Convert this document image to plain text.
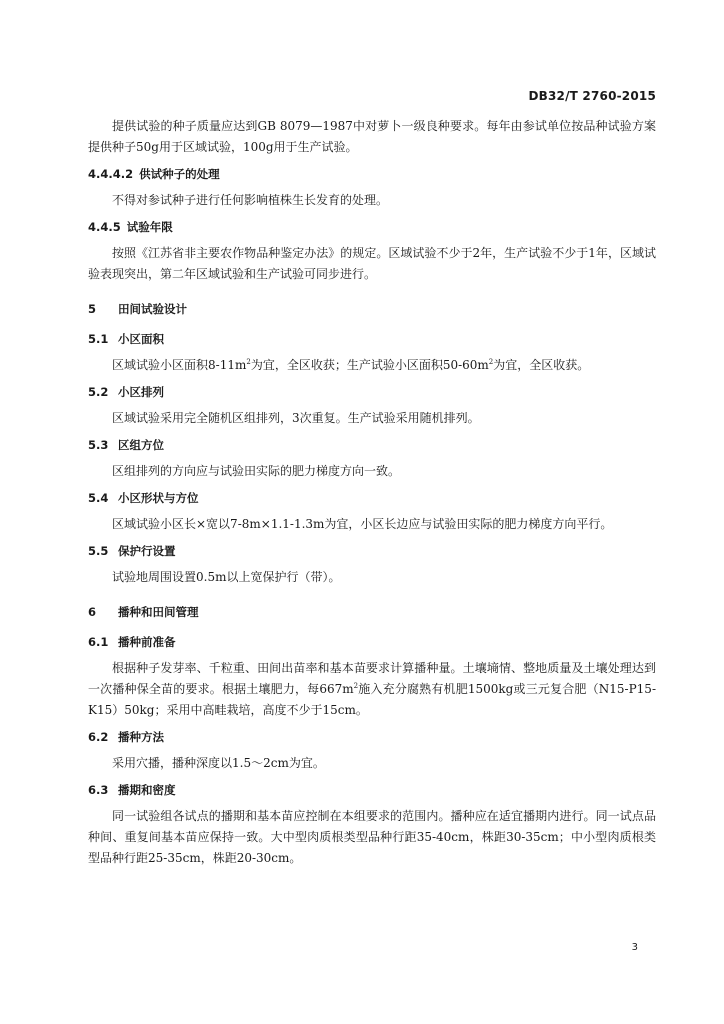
DB32/T 2760-2015

提供试验的种子质量应达到GB 8079—1987中对萝卜一级良种要求。每年由参试单位按品种试验方案提供种子50g用于区域试验，100g用于生产试验。

4.4.4.2 供试种子的处理

不得对参试种子进行任何影响植株生长发育的处理。

4.4.5 试验年限

按照《江苏省非主要农作物品种鉴定办法》的规定。区域试验不少于2年，生产试验不少于1年，区域试验表现突出，第二年区域试验和生产试验可同步进行。

5 田间试验设计
5.1 小区面积

区域试验小区面积$8-11m^2$为宜，全区收获；生产试验小区面积$50-60m^2$为宜，全区收获。

5.2 小区排列

区域试验采用完全随机区组排列，3次重复。生产试验采用随机排列。

5.3 区组方位

区组排列的方向应与试验田实际的肥力梯度方向一致。

5.4 小区形状与方位

区域试验小区长×宽以7-8m×1.1-1.3m为宜，小区长边应与试验田实际的肥力梯度方向平行。

5.5 保护行设置

试验地周围设置0.5m以上宽保护行（带）。

6 播种和田间管理
6.1 播种前准备

根据种子发芽率、千粒重、田间出苗率和基本苗要求计算播种量。土壤墒情、整地质量及土壤处理达到一次播种保全苗的要求。根据土壤肥力，每$667m^2$施入充分腐熟有机肥1500kg或三元复合肥（N15-P15-K15）50kg；采用中高畦栽培，高度不少于15cm。

6.2 播种方法

采用穴播，播种深度以1.5～2cm为宜。

6.3 播期和密度

同一试验组各试点的播期和基本苗应控制在本组要求的范围内。播种应在适宜播期内进行。同一试点品种间、重复间基本苗应保持一致。大中型肉质根类型品种行距35-40cm，株距30-35cm；中小型肉质根类型品种行距25-35cm，株距20-30cm。

3
